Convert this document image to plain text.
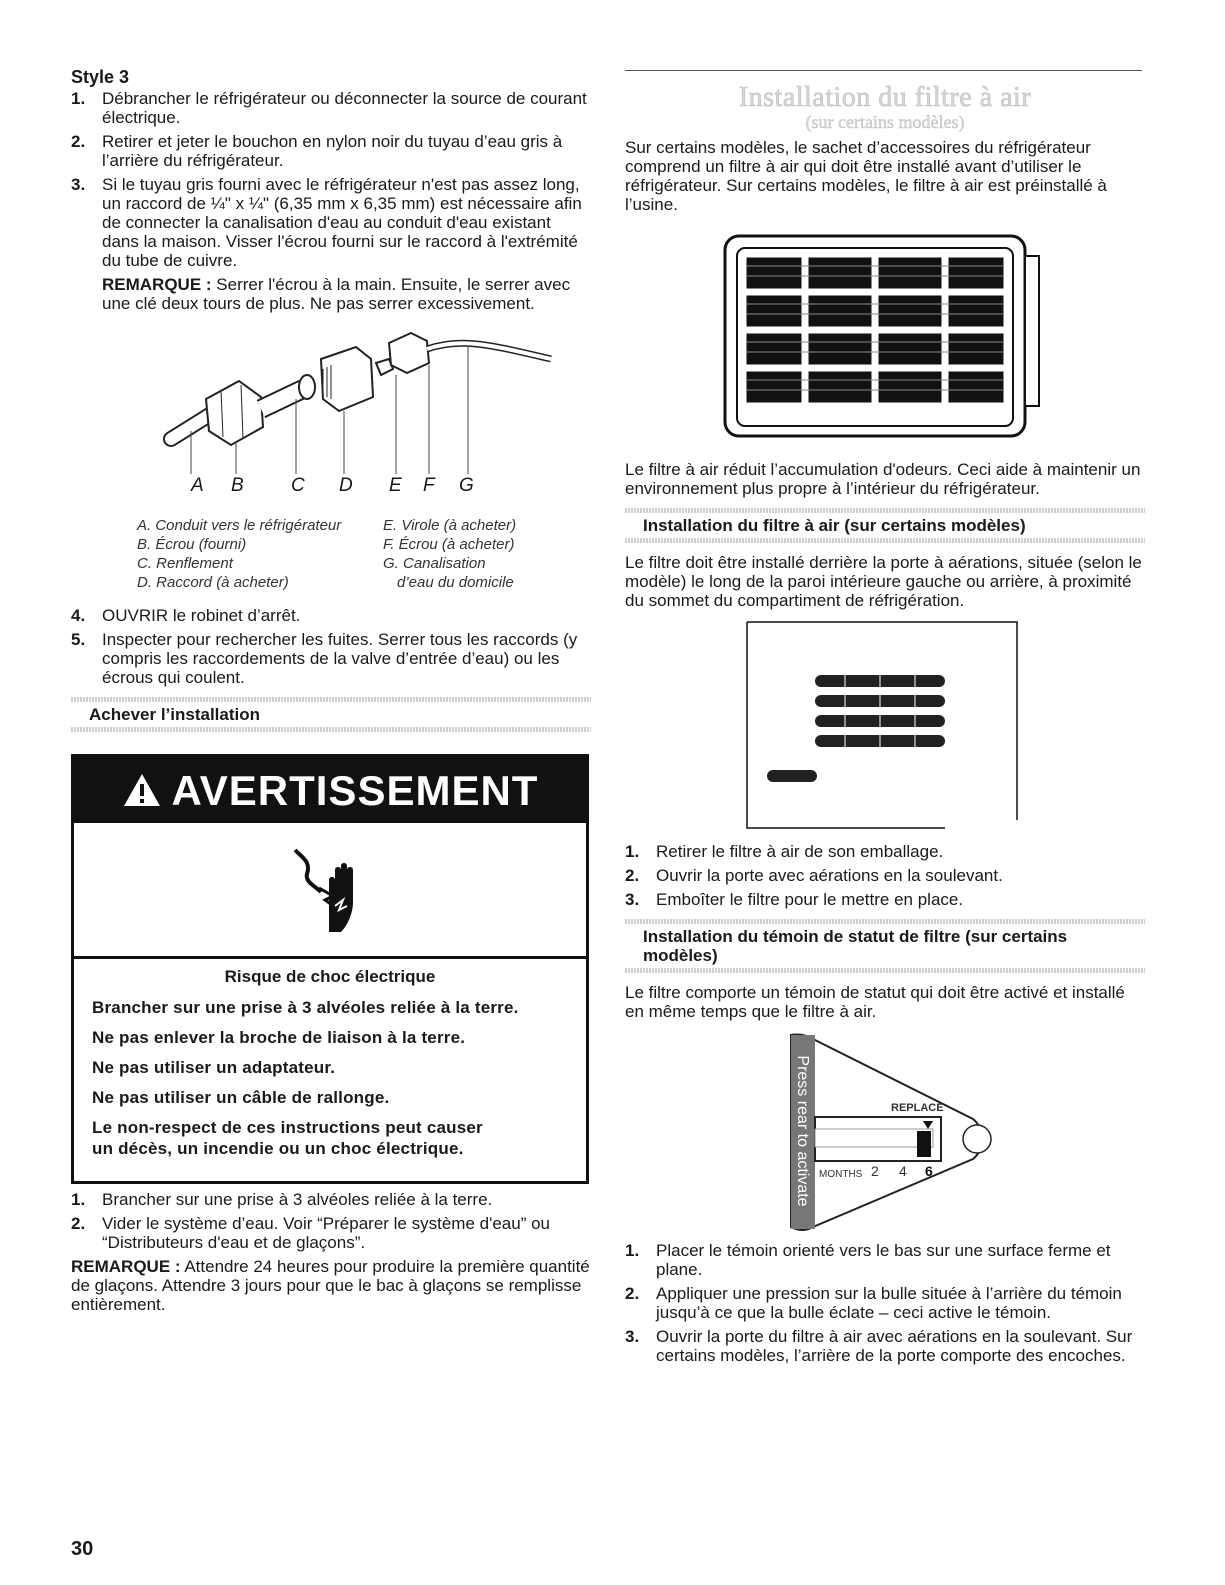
Style 3
1. Débrancher le réfrigérateur ou déconnecter la source de courant électrique.
2. Retirer et jeter le bouchon en nylon noir du tuyau d’eau gris à l’arrière du réfrigérateur.
3. Si le tuyau gris fourni avec le réfrigérateur n'est pas assez long, un raccord de ¼" x ¼" (6,35 mm x 6,35 mm) est nécessaire afin de connecter la canalisation d'eau au conduit d'eau existant dans la maison. Visser l'écrou fourni sur le raccord à l'extrémité du tube de cuivre.

REMARQUE : Serrer l'écrou à la main. Ensuite, le serrer avec une clé deux tours de plus. Ne pas serrer excessivement.

A B C D E F G
A. Conduit vers le réfrigérateur
B. Écrou (fourni)
C. Renflement
D. Raccord (à acheter)
E. Virole (à acheter)
F. Écrou (à acheter)
G. Canalisation
d’eau du domicile
4. OUVRIR le robinet d’arrêt.
5. Inspecter pour rechercher les fuites. Serrer tous les raccords (y compris les raccordements de la valve d’entrée d’eau) ou les écrous qui coulent.
Achever l’installation
AVERTISSEMENT
Risque de choc électrique
Brancher sur une prise à 3 alvéoles reliée à la terre.
Ne pas enlever la broche de liaison à la terre.
Ne pas utiliser un adaptateur.
Ne pas utiliser un câble de rallonge.
Le non-respect de ces instructions peut causer
un décès, un incendie ou un choc électrique.
1. Brancher sur une prise à 3 alvéoles reliée à la terre.
2. Vider le système d’eau. Voir “Préparer le système d'eau” ou “Distributeurs d'eau et de glaçons”.

REMARQUE : Attendre 24 heures pour produire la première quantité de glaçons. Attendre 3 jours pour que le bac à glaçons se remplisse entièrement.

Installation du filtre à air
(sur certains modèles)

Sur certains modèles, le sachet d’accessoires du réfrigérateur comprend un filtre à air qui doit être installé avant d’utiliser le réfrigérateur. Sur certains modèles, le filtre à air est préinstallé à l’usine.

Le filtre à air réduit l’accumulation d'odeurs. Ceci aide à maintenir un environnement plus propre à l’intérieur du réfrigérateur.

Installation du filtre à air (sur certains modèles)

Le filtre doit être installé derrière la porte à aérations, située (selon le modèle) le long de la paroi intérieure gauche ou arrière, à proximité du sommet du compartiment de réfrigération.

1. Retirer le filtre à air de son emballage.
2. Ouvrir la porte avec aérations en la soulevant.
3. Emboîter le filtre pour le mettre en place.
Installation du témoin de statut de filtre (sur certains modèles)

Le filtre comporte un témoin de statut qui doit être activé et installé en même temps que le filtre à air.

Press rear to activate	REPLACE
MONTHS 2 4 6
1. Placer le témoin orienté vers le bas sur une surface ferme et plane.
2. Appliquer une pression sur la bulle située à l’arrière du témoin jusqu’à ce que la bulle éclate – ceci active le témoin.
3. Ouvrir la porte du filtre à air avec aérations en la soulevant. Sur certains modèles, l’arrière de la porte comporte des encoches.
30
